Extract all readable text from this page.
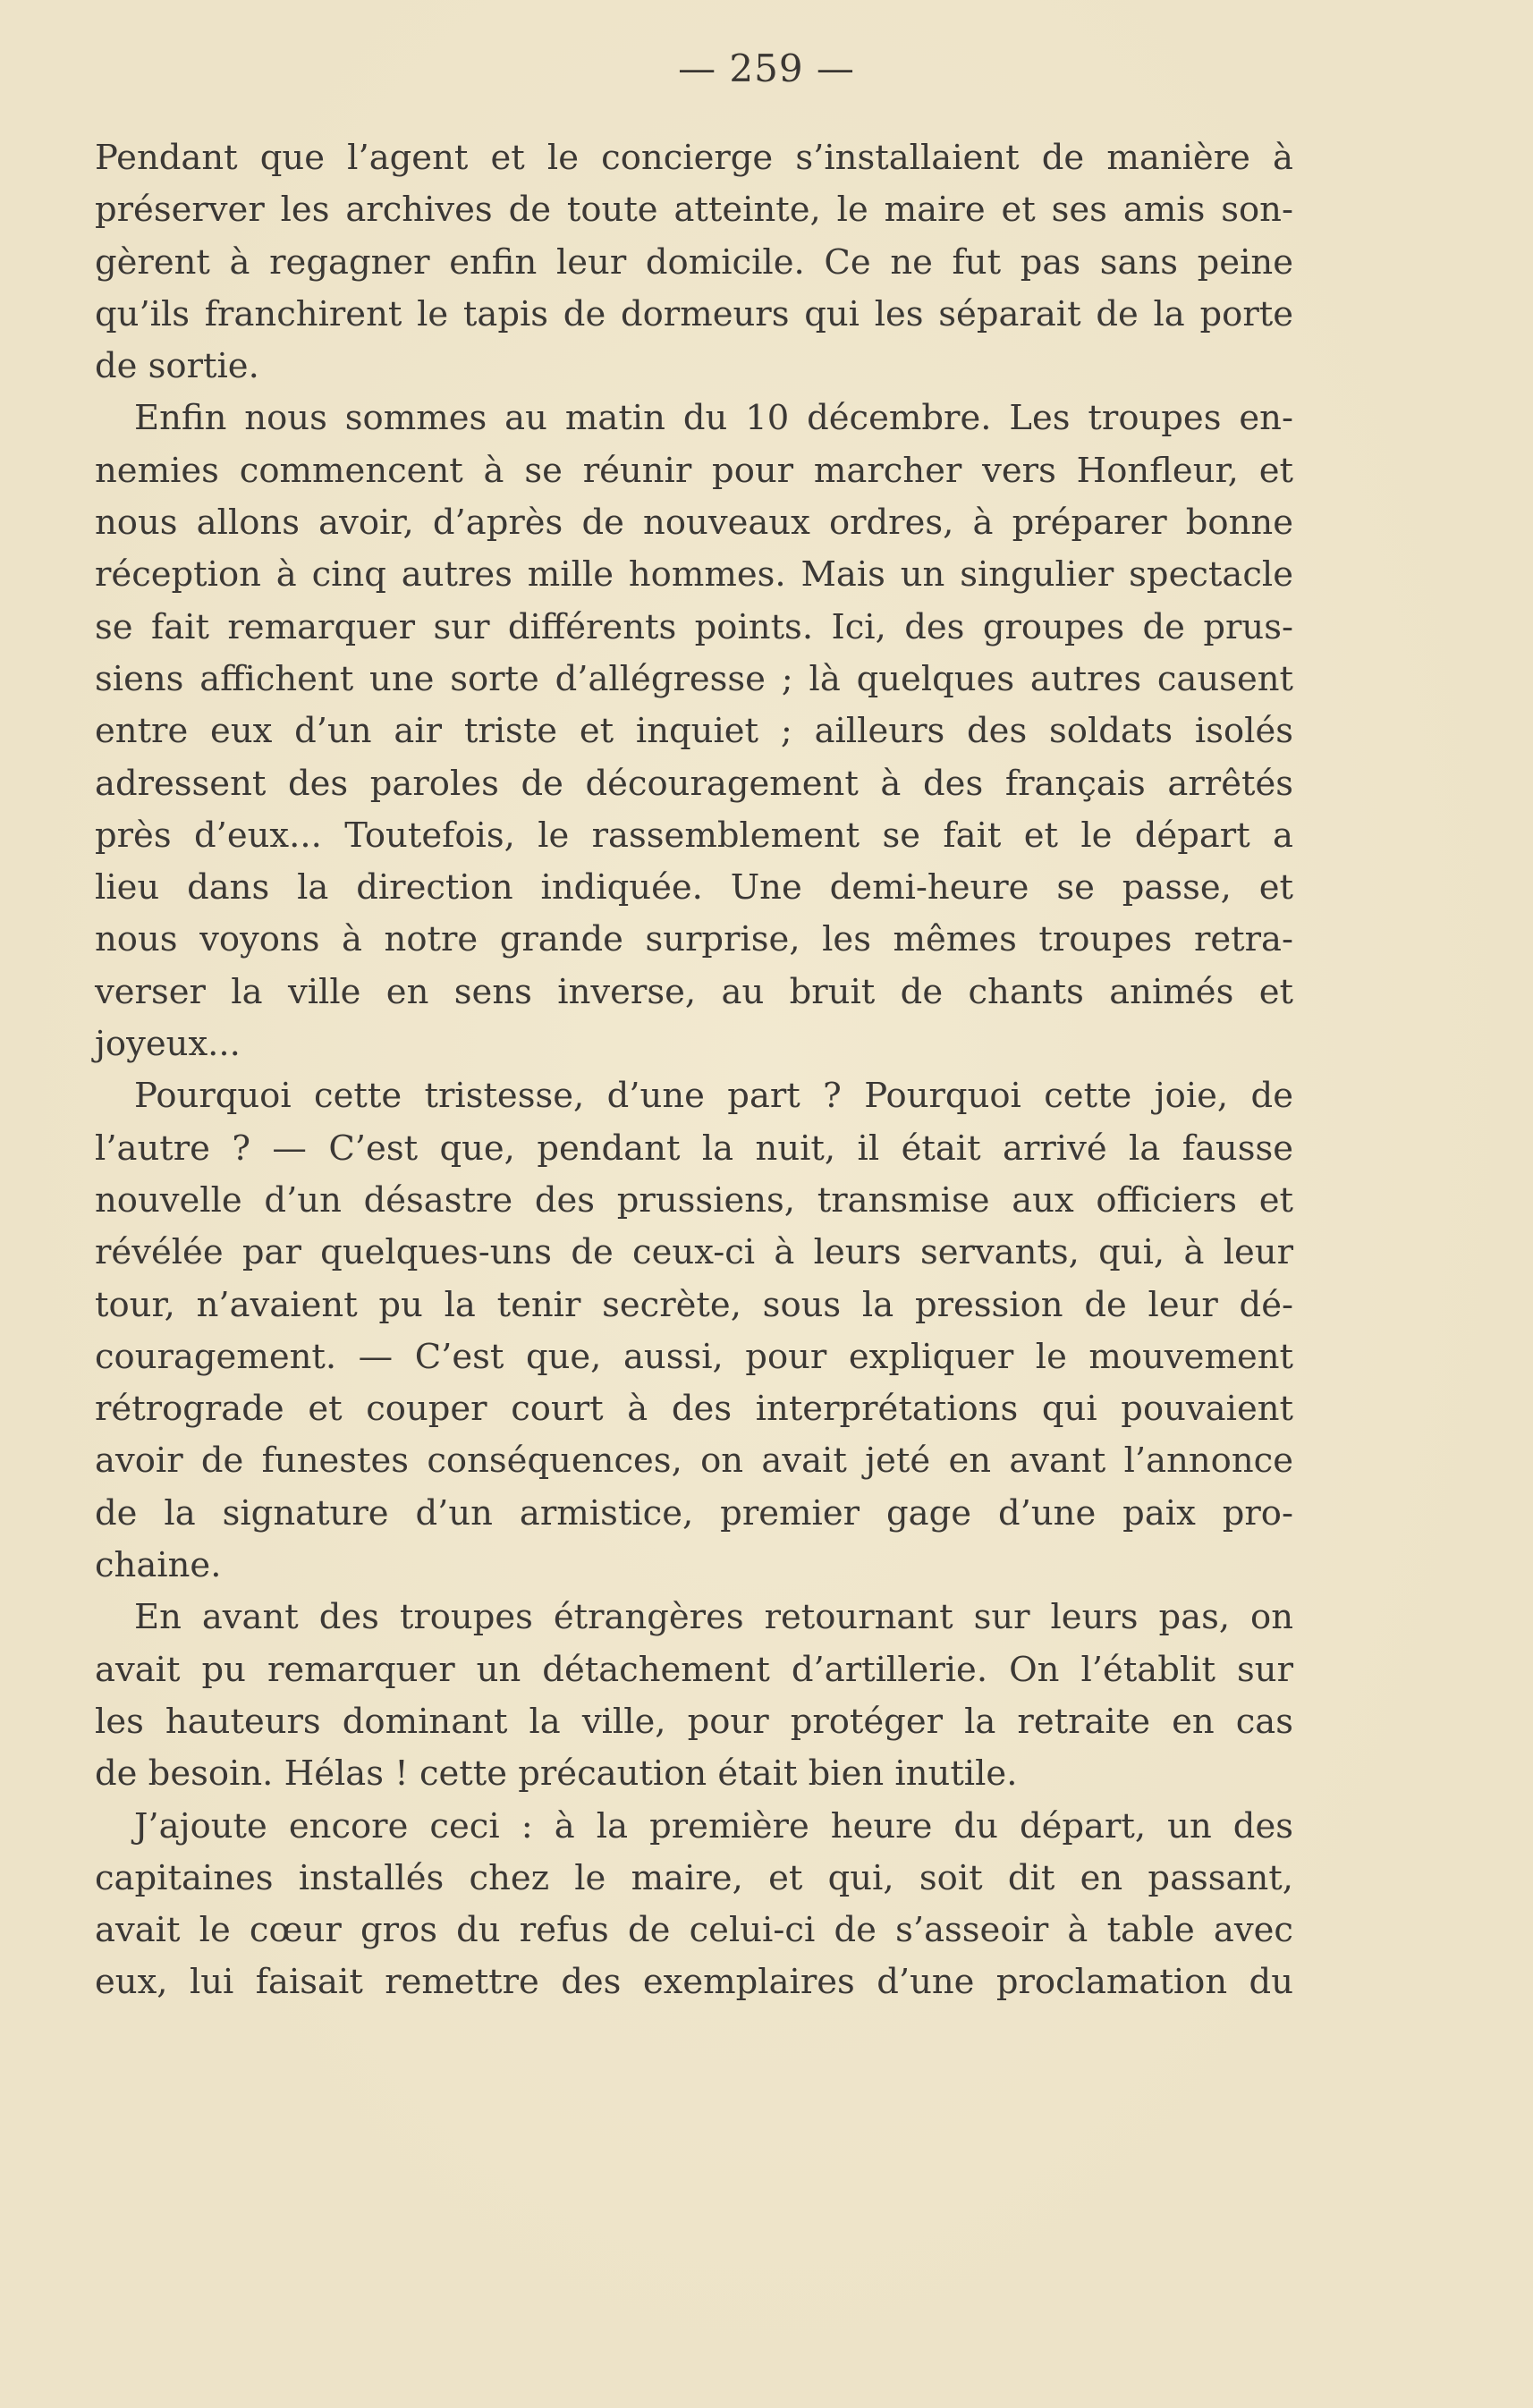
— 259 —
Pendant que l’agent et le concierge s’installaient de manière à
préserver les archives de toute atteinte, le maire et ses amis son-
gèrent à regagner enfin leur domicile. Ce ne fut pas sans peine
qu’ils franchirent le tapis de dormeurs qui les séparait de la porte
de sortie.
Enfin nous sommes au matin du 10 décembre. Les troupes en-
nemies commencent à se réunir pour marcher vers Honfleur, et
nous allons avoir, d’après de nouveaux ordres, à préparer bonne
réception à cinq autres mille hommes. Mais un singulier spectacle
se fait remarquer sur différents points. Ici, des groupes de prus-
siens affichent une sorte d’allégresse ; là quelques autres causent
entre eux d’un air triste et inquiet ; ailleurs des soldats isolés
adressent des paroles de découragement à des français arrêtés
près d’eux... Toutefois, le rassemblement se fait et le départ a
lieu dans la direction indiquée. Une demi-heure se passe, et
nous voyons à notre grande surprise, les mêmes troupes retra-
verser la ville en sens inverse, au bruit de chants animés et
joyeux...
Pourquoi cette tristesse, d’une part ? Pourquoi cette joie, de
l’autre ? — C’est que, pendant la nuit, il était arrivé la fausse
nouvelle d’un désastre des prussiens, transmise aux officiers et
révélée par quelques-uns de ceux-ci à leurs servants, qui, à leur
tour, n’avaient pu la tenir secrète, sous la pression de leur dé-
couragement. — C’est que, aussi, pour expliquer le mouvement
rétrograde et couper court à des interprétations qui pouvaient
avoir de funestes conséquences, on avait jeté en avant l’annonce
de la signature d’un armistice, premier gage d’une paix pro-
chaine.
En avant des troupes étrangères retournant sur leurs pas, on
avait pu remarquer un détachement d’artillerie. On l’établit sur
les hauteurs dominant la ville, pour protéger la retraite en cas
de besoin. Hélas ! cette précaution était bien inutile.
J’ajoute encore ceci : à la première heure du départ, un des
capitaines installés chez le maire, et qui, soit dit en passant,
avait le cœur gros du refus de celui-ci de s’asseoir à table avec
eux, lui faisait remettre des exemplaires d’une proclamation du
